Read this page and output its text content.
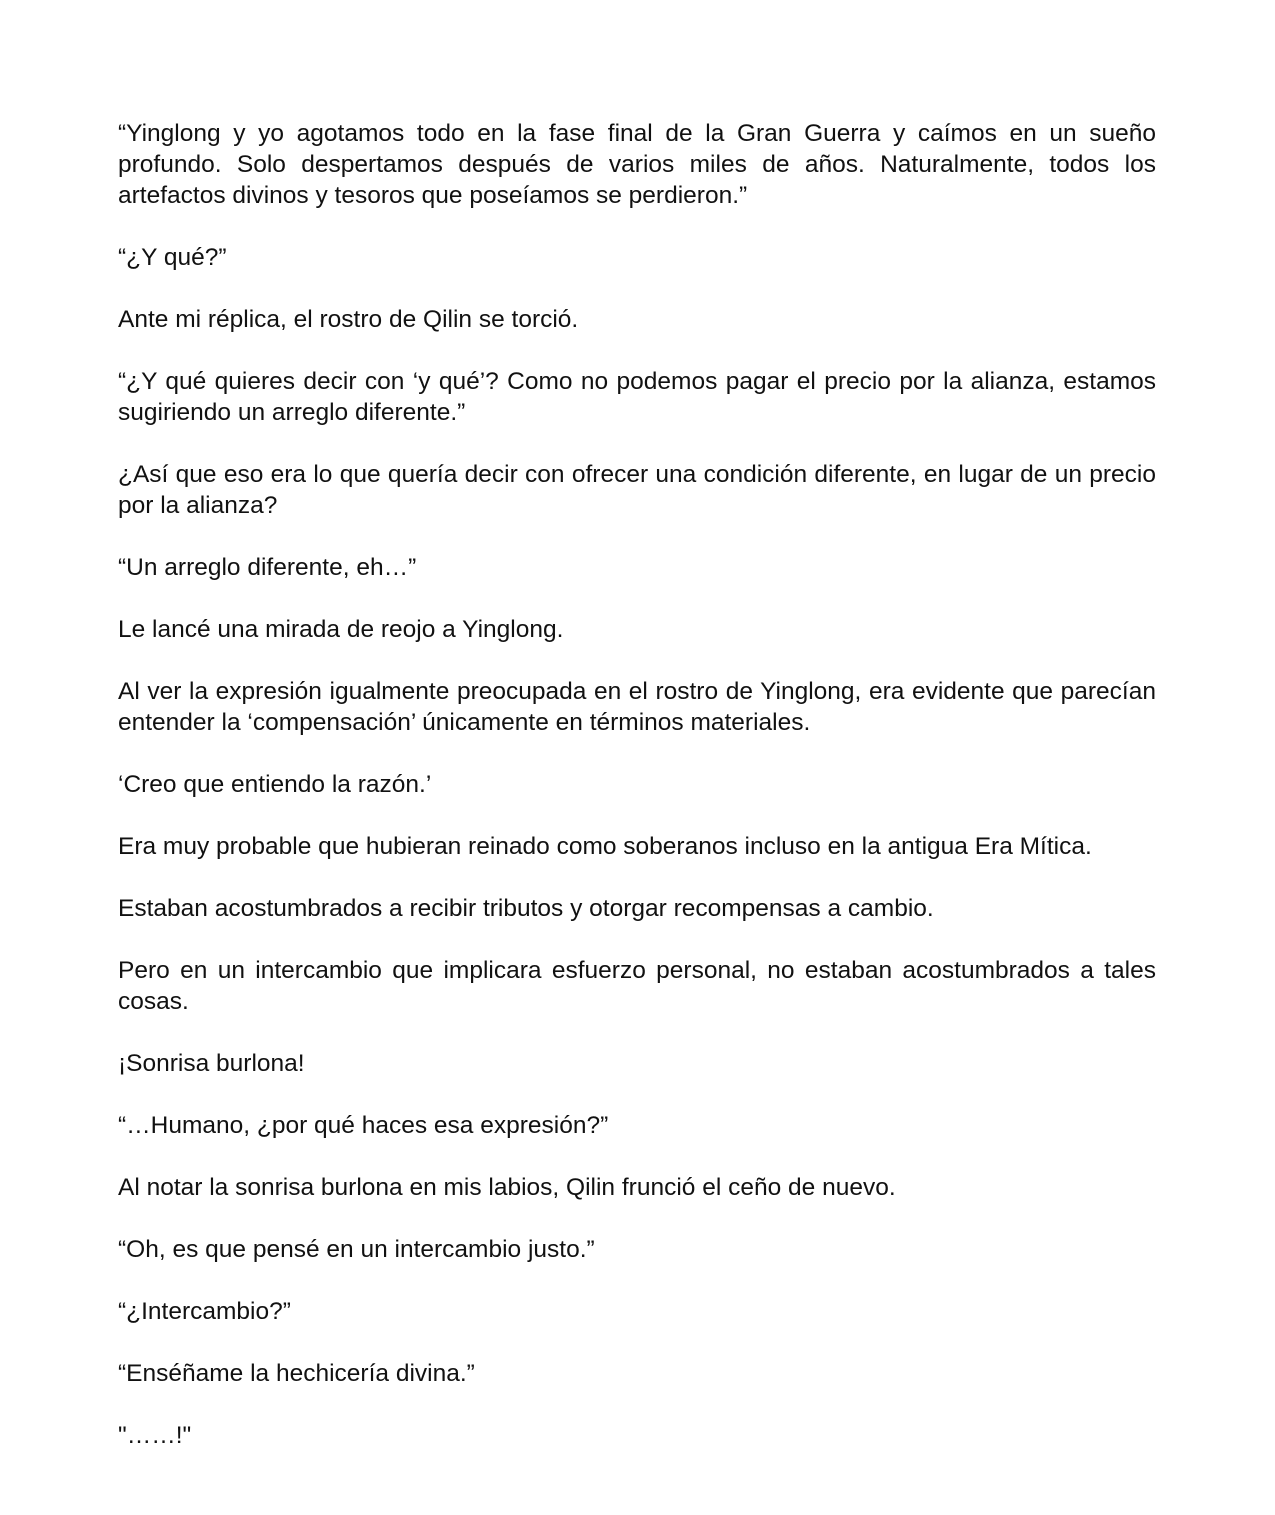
“Yinglong y yo agotamos todo en la fase final de la Gran Guerra y caímos en un sueño profundo. Solo despertamos después de varios miles de años. Naturalmente, todos los artefactos divinos y tesoros que poseíamos se perdieron.”

“¿Y qué?”

Ante mi réplica, el rostro de Qilin se torció.

“¿Y qué quieres decir con ‘y qué’? Como no podemos pagar el precio por la alianza, estamos sugiriendo un arreglo diferente.”

¿Así que eso era lo que quería decir con ofrecer una condición diferente, en lugar de un precio por la alianza?

“Un arreglo diferente, eh…”

Le lancé una mirada de reojo a Yinglong.

Al ver la expresión igualmente preocupada en el rostro de Yinglong, era evidente que parecían entender la ‘compensación’ únicamente en términos materiales.

‘Creo que entiendo la razón.’

Era muy probable que hubieran reinado como soberanos incluso en la antigua Era Mítica.

Estaban acostumbrados a recibir tributos y otorgar recompensas a cambio.

Pero en un intercambio que implicara esfuerzo personal, no estaban acostumbrados a tales cosas.

¡Sonrisa burlona!

“…Humano, ¿por qué haces esa expresión?”

Al notar la sonrisa burlona en mis labios, Qilin frunció el ceño de nuevo.

“Oh, es que pensé en un intercambio justo.”

“¿Intercambio?”

“Enséñame la hechicería divina.”

"……!"
